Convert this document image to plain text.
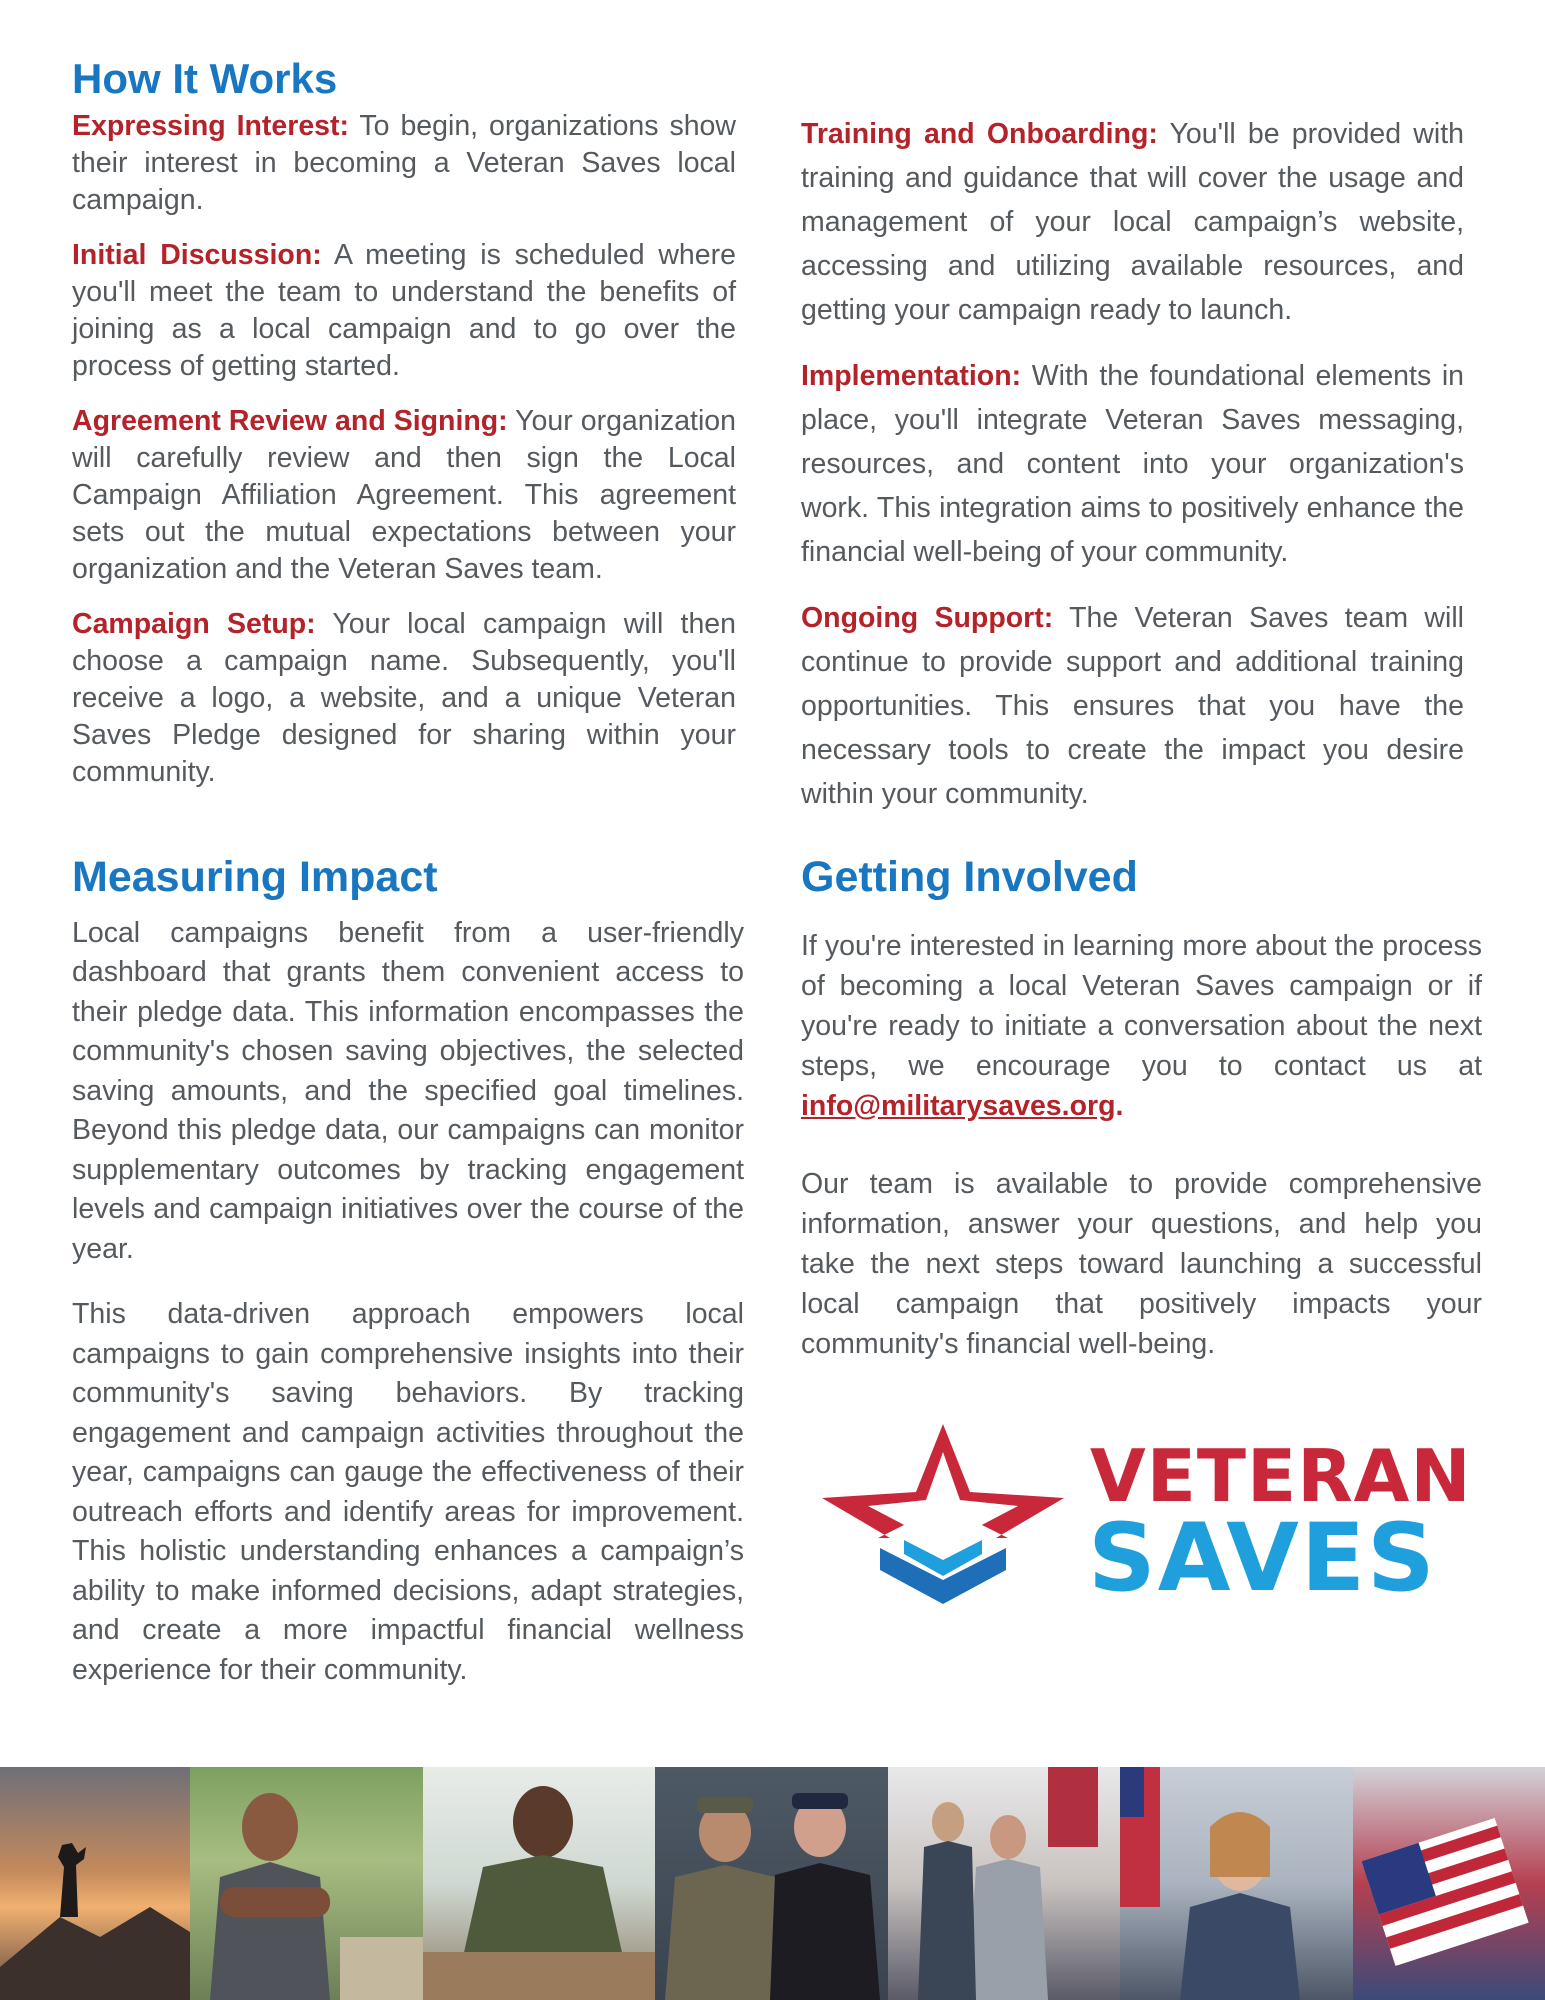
How It Works

Expressing Interest: To begin, organizations show their interest in becoming a Veteran Saves local campaign.

Initial Discussion: A meeting is scheduled where you'll meet the team to understand the benefits of joining as a local campaign and to go over the process of getting started.

Agreement Review and Signing: Your organization will carefully review and then sign the Local Campaign Affiliation Agreement. This agreement sets out the mutual expectations between your organization and the Veteran Saves team.

Campaign Setup: Your local campaign will then choose a campaign name. Subsequently, you'll receive a logo, a website, and a unique Veteran Saves Pledge designed for sharing within your community.

Training and Onboarding: You'll be provided with training and guidance that will cover the usage and management of your local campaign’s website, accessing and utilizing available resources, and getting your campaign ready to launch.

Implementation: With the foundational elements in place, you'll integrate Veteran Saves messaging, resources, and content into your organization's work. This integration aims to positively enhance the financial well-being of your community.

Ongoing Support: The Veteran Saves team will continue to provide support and additional training opportunities. This ensures that you have the necessary tools to create the impact you desire within your community.

Measuring Impact

Local campaigns benefit from a user-friendly dashboard that grants them convenient access to their pledge data. This information encompasses the community's chosen saving objectives, the selected saving amounts, and the specified goal timelines. Beyond this pledge data, our campaigns can monitor supplementary outcomes by tracking engagement levels and campaign initiatives over the course of the year.

This data-driven approach empowers local campaigns to gain comprehensive insights into their community's saving behaviors. By tracking engagement and campaign activities throughout the year, campaigns can gauge the effectiveness of their outreach efforts and identify areas for improvement. This holistic understanding enhances a campaign’s ability to make informed decisions, adapt strategies, and create a more impactful financial wellness experience for their community.

Getting Involved

If you're interested in learning more about the process of becoming a local Veteran Saves campaign or if you're ready to initiate a conversation about the next steps, we encourage you to contact us at info@militarysaves.org.

Our team is available to provide comprehensive information, answer your questions, and help you take the next steps toward launching a successful local campaign that positively impacts your community's financial well-being.

VETERAN
SAVES
